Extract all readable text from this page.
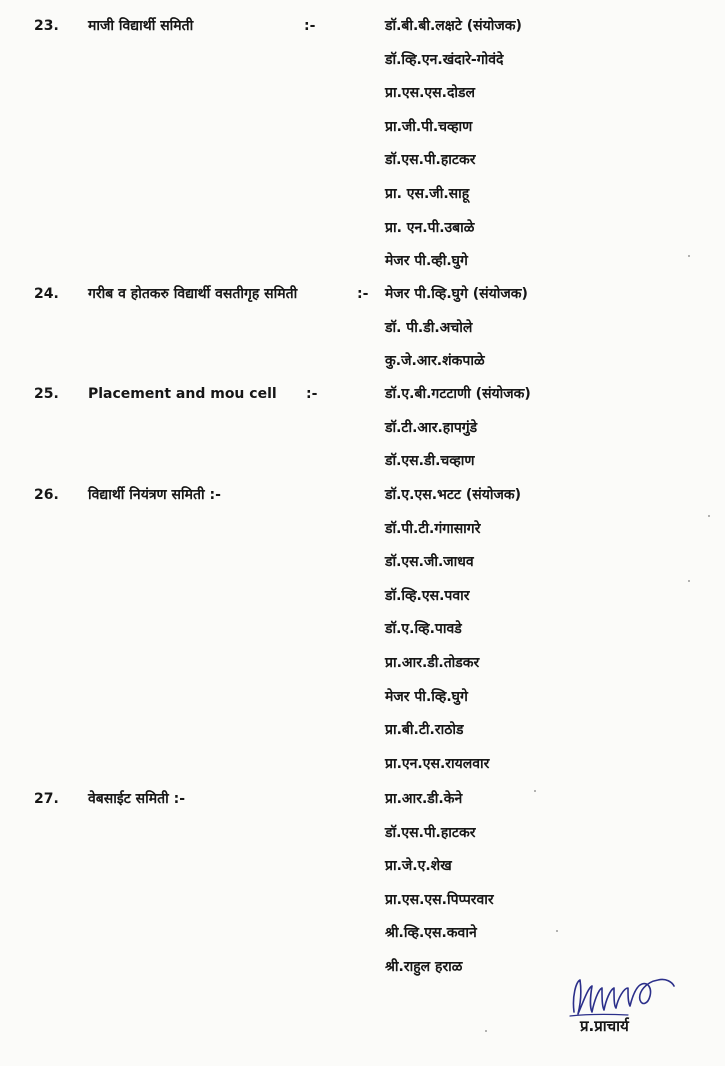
23. माजी विद्यार्थी समिती	:-	डॉ.बी.बी.लक्षटे (संयोजक)
डॉ.व्हि.एन.खंदारे-गोवंदे
प्रा.एस.एस.दोडल
प्रा.जी.पी.चव्हाण
डॉ.एस.पी.हाटकर
प्रा. एस.जी.साहू
प्रा. एन.पी.उबाळे
मेजर पी.व्ही.घुगे
24. गरीब व होतकरु विद्यार्थी वसतीगृह समिती	:- मेजर पी.व्हि.घुगे (संयोजक)
डॉ. पी.डी.अचोले
कु.जे.आर.शंकपाळे
25. Placement and mou cell :-	डॉ.ए.बी.गटटाणी (संयोजक)
डॉ.टी.आर.हापगुंडे
डॉ.एस.डी.चव्हाण
26. विद्यार्थी नियंत्रण समिती :-	डॉ.ए.एस.भटट (संयोजक)
डॉ.पी.टी.गंगासागरे
डॉ.एस.जी.जाधव
डॉ.व्हि.एस.पवार
डॉ.ए.व्हि.पावडे
प्रा.आर.डी.तोडकर
मेजर पी.व्हि.घुगे
प्रा.बी.टी.राठोड
प्रा.एन.एस.रायलवार
27. वेबसाईट समिती :-	प्रा.आर.डी.केने
डॉ.एस.पी.हाटकर
प्रा.जे.ए.शेख
प्रा.एस.एस.पिप्परवार
श्री.व्हि.एस.कवाने
श्री.राहुल हराळ
प्र.प्राचार्य
